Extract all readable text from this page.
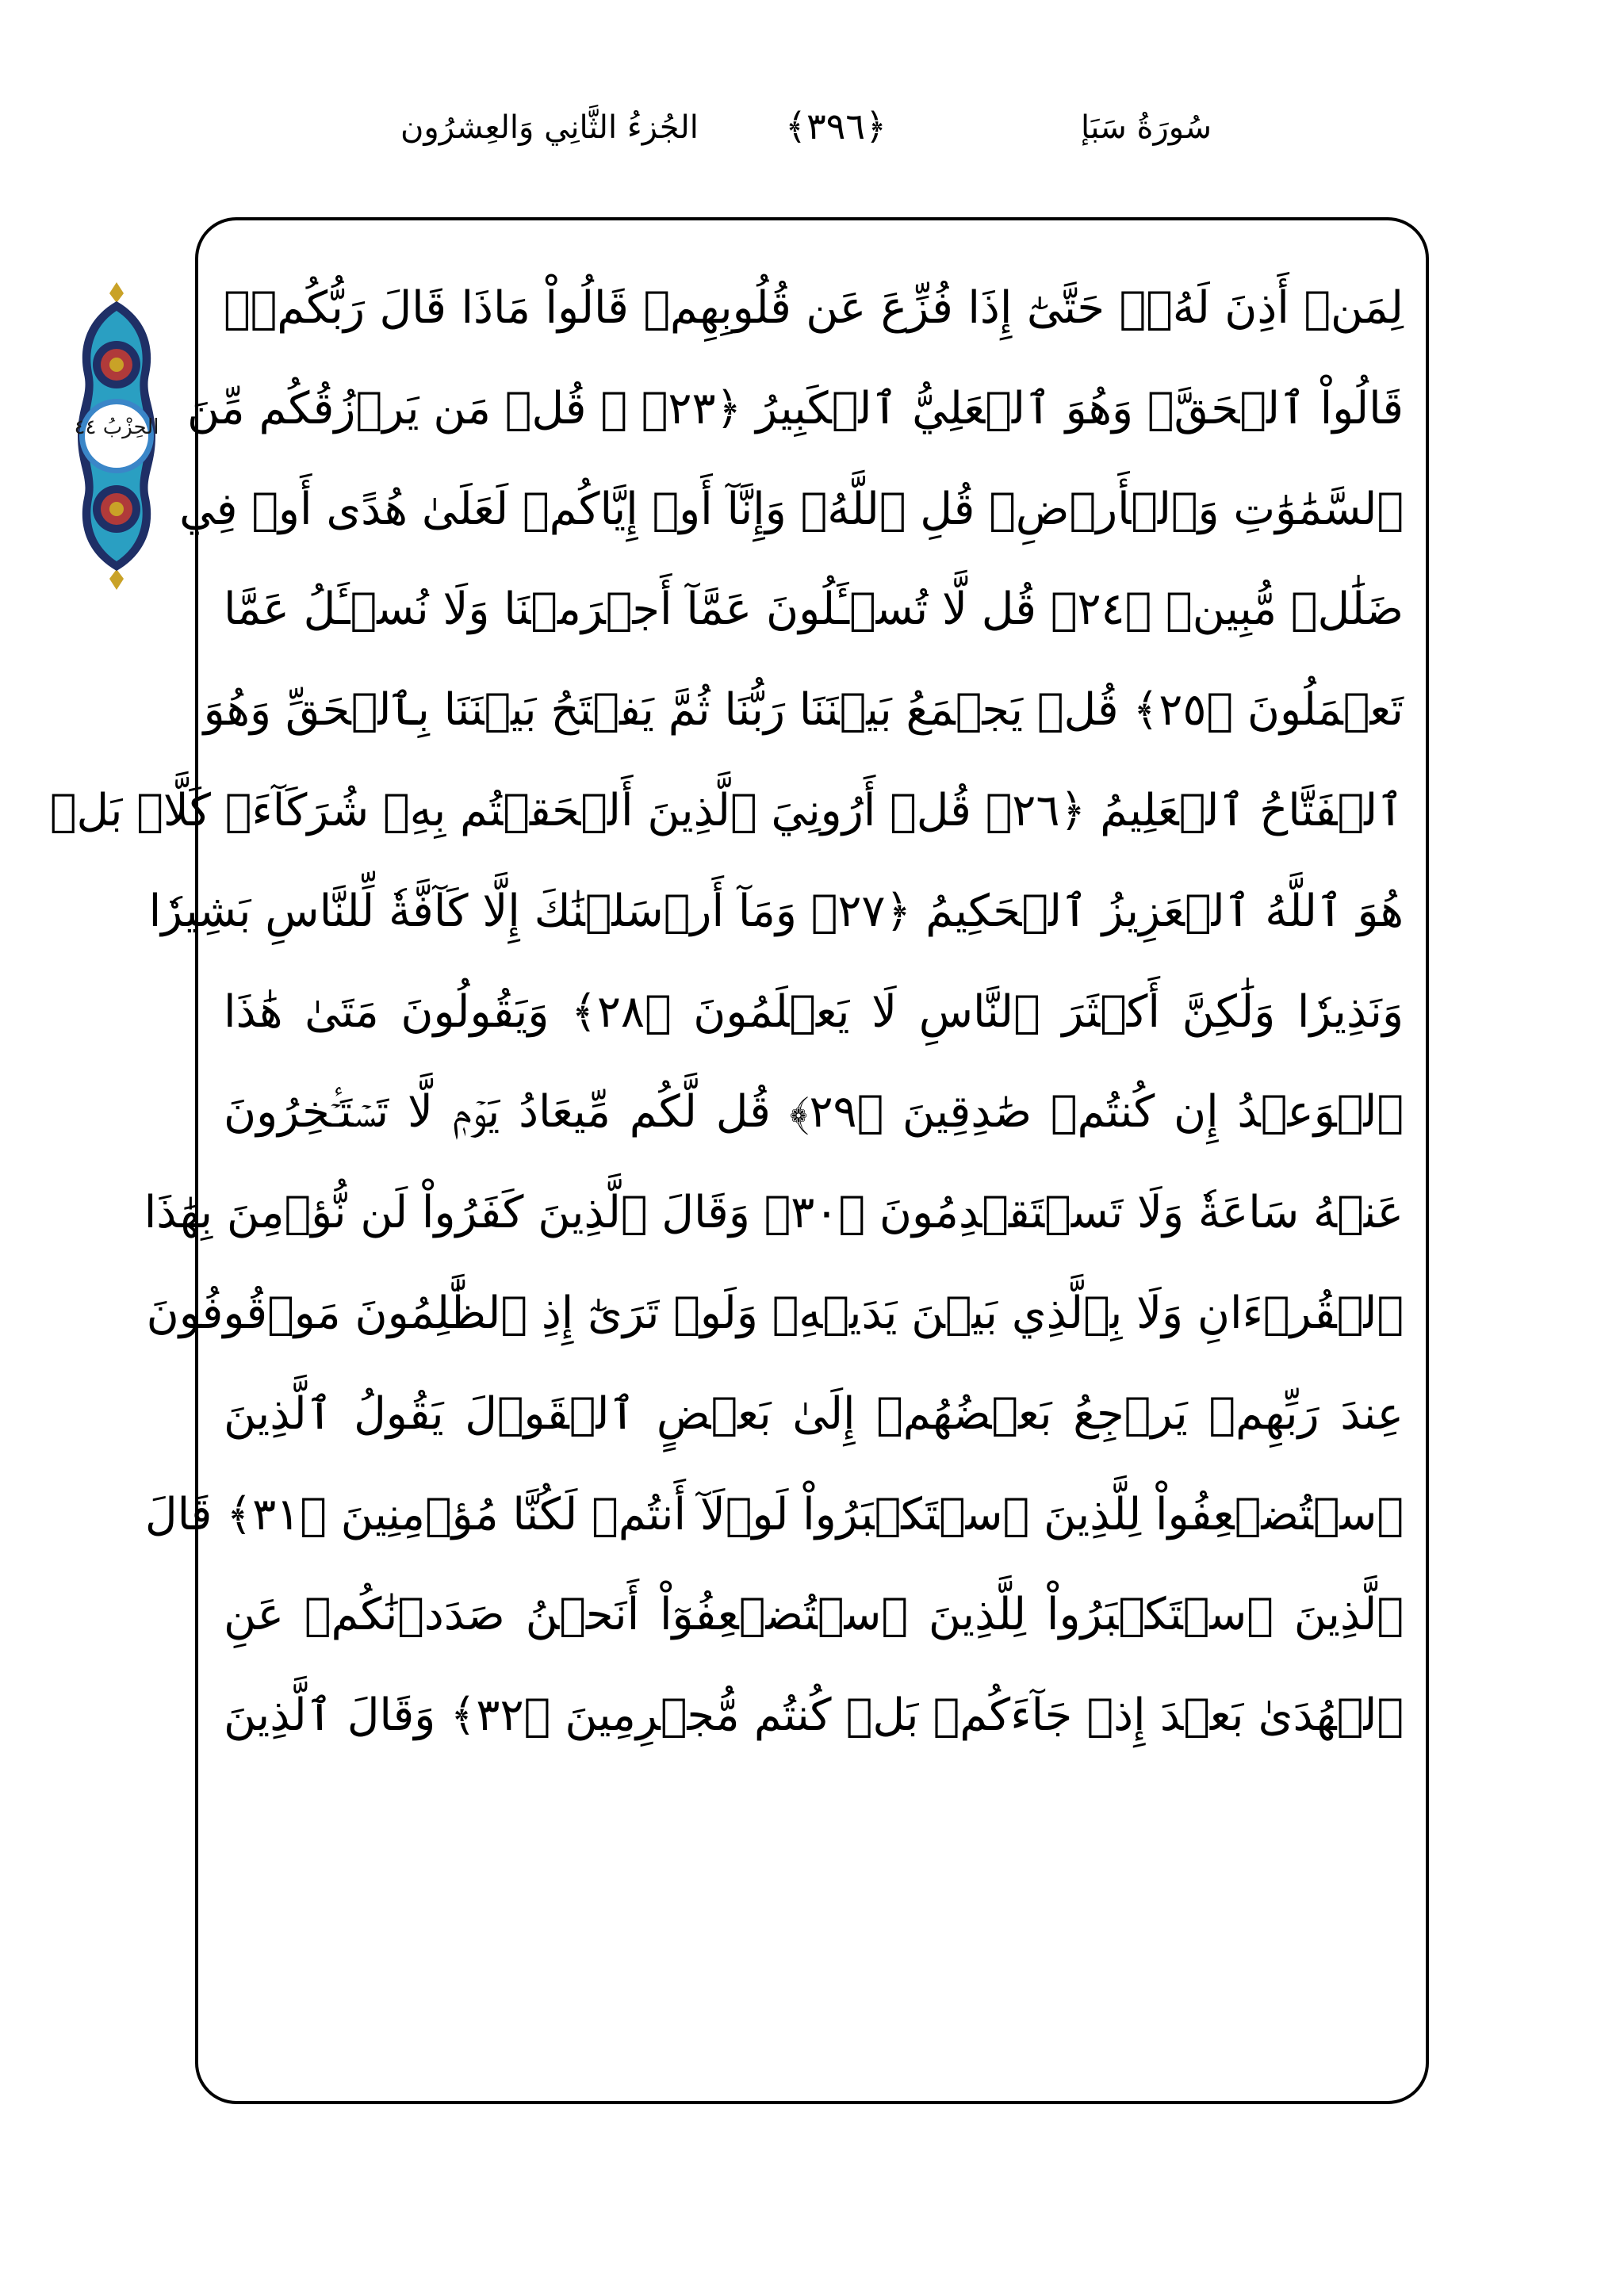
سُورَةُ سَبَإ
﴿٣٩٦﴾
الجُزءُ الثَّانِي وَالعِشرُون
الحِزْبُ ٤٤
لِمَنۡ أَذِنَ لَهُۥۚ حَتَّىٰٓ إِذَا فُزِّعَ عَن قُلُوبِهِمۡ قَالُواْ مَاذَا قَالَ رَبُّكُمۡۖ
قَالُواْ ٱلۡحَقَّۖ وَهُوَ ٱلۡعَلِيُّ ٱلۡكَبِيرُ ﴿٢٣﴾ ۞ قُلۡ مَن يَرۡزُقُكُم مِّنَ
ٱلسَّمَٰوَٰتِ وَٱلۡأَرۡضِۖ قُلِ ٱللَّهُۖ وَإِنَّآ أَوۡ إِيَّاكُمۡ لَعَلَىٰ هُدًى أَوۡ فِي
ضَلَٰلٖ مُّبِينٖ ﴿٢٤﴾ قُل لَّا تُسۡـَٔلُونَ عَمَّآ أَجۡرَمۡنَا وَلَا نُسۡـَٔلُ عَمَّا
تَعۡمَلُونَ ﴿٢٥﴾ قُلۡ يَجۡمَعُ بَيۡنَنَا رَبُّنَا ثُمَّ يَفۡتَحُ بَيۡنَنَا بِٱلۡحَقِّ وَهُوَ
ٱلۡفَتَّاحُ ٱلۡعَلِيمُ ﴿٢٦﴾ قُلۡ أَرُونِيَ ٱلَّذِينَ أَلۡحَقۡتُم بِهِۦ شُرَكَآءَۖ كَلَّاۚ بَلۡ
هُوَ ٱللَّهُ ٱلۡعَزِيزُ ٱلۡحَكِيمُ ﴿٢٧﴾ وَمَآ أَرۡسَلۡنَٰكَ إِلَّا كَآفَّةٗ لِّلنَّاسِ بَشِيرٗا
وَنَذِيرٗا وَلَٰكِنَّ أَكۡثَرَ ٱلنَّاسِ لَا يَعۡلَمُونَ ﴿٢٨﴾ وَيَقُولُونَ مَتَىٰ هَٰذَا
ٱلۡوَعۡدُ إِن كُنتُمۡ صَٰدِقِينَ ﴿٢٩﴾ قُل لَّكُم مِّيعَادُ يَوۡمٖ لَّا تَسۡتَـٔۡخِرُونَ
عَنۡهُ سَاعَةٗ وَلَا تَسۡتَقۡدِمُونَ ﴿٣٠﴾ وَقَالَ ٱلَّذِينَ كَفَرُواْ لَن نُّؤۡمِنَ بِهَٰذَا
ٱلۡقُرۡءَانِ وَلَا بِٱلَّذِي بَيۡنَ يَدَيۡهِۗ وَلَوۡ تَرَىٰٓ إِذِ ٱلظَّٰلِمُونَ مَوۡقُوفُونَ
عِندَ رَبِّهِمۡ يَرۡجِعُ بَعۡضُهُمۡ إِلَىٰ بَعۡضٍ ٱلۡقَوۡلَ يَقُولُ ٱلَّذِينَ
ٱسۡتُضۡعِفُواْ لِلَّذِينَ ٱسۡتَكۡبَرُواْ لَوۡلَآ أَنتُمۡ لَكُنَّا مُؤۡمِنِينَ ﴿٣١﴾ قَالَ
ٱلَّذِينَ ٱسۡتَكۡبَرُواْ لِلَّذِينَ ٱسۡتُضۡعِفُوٓاْ أَنَحۡنُ صَدَدۡنَٰكُمۡ عَنِ
ٱلۡهُدَىٰ بَعۡدَ إِذۡ جَآءَكُمۖ بَلۡ كُنتُم مُّجۡرِمِينَ ﴿٣٢﴾ وَقَالَ ٱلَّذِينَ
